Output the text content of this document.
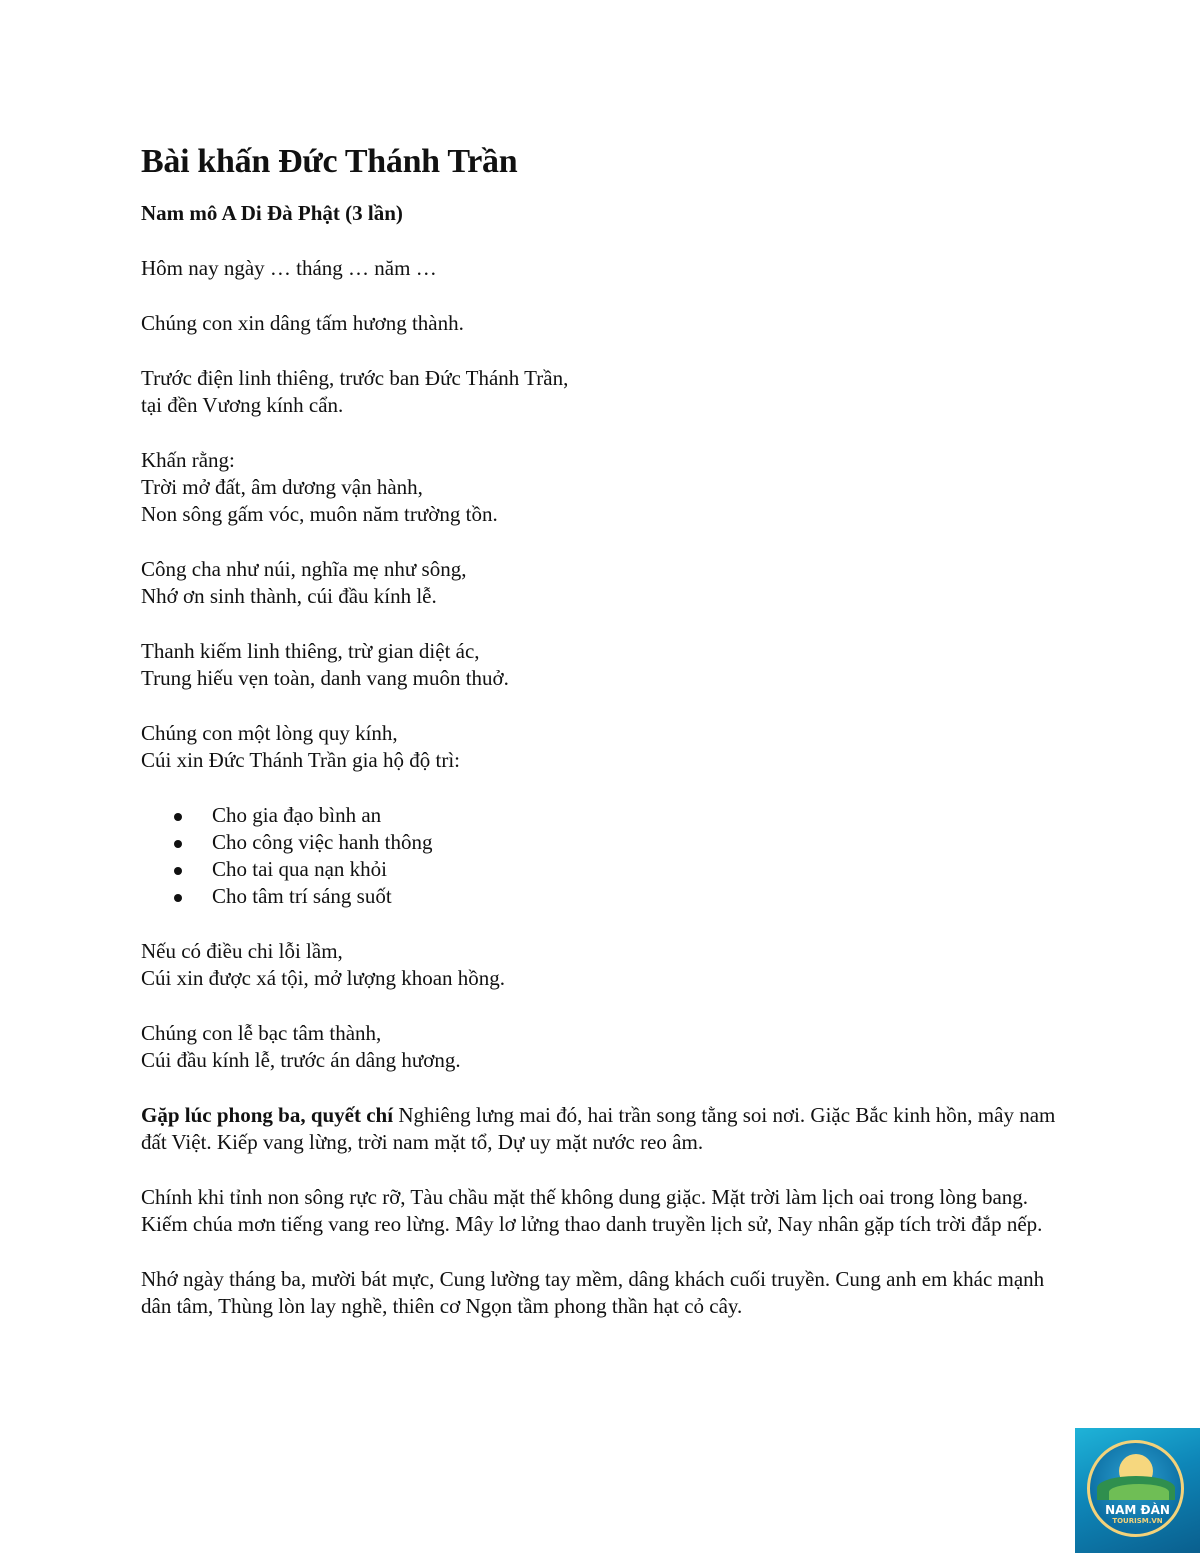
Bài khấn Đức Thánh Trần
Nam mô A Di Đà Phật (3 lần)

Hôm nay ngày … tháng … năm …

Chúng con xin dâng tấm hương thành.

Trước điện linh thiêng, trước ban Đức Thánh Trần,
tại đền Vương kính cẩn.

Khấn rằng:
Trời mở đất, âm dương vận hành,
Non sông gấm vóc, muôn năm trường tồn.

Công cha như núi, nghĩa mẹ như sông,
Nhớ ơn sinh thành, cúi đầu kính lễ.

Thanh kiếm linh thiêng, trừ gian diệt ác,
Trung hiếu vẹn toàn, danh vang muôn thuở.

Chúng con một lòng quy kính,
Cúi xin Đức Thánh Trần gia hộ độ trì:

Cho gia đạo bình an
Cho công việc hanh thông
Cho tai qua nạn khỏi
Cho tâm trí sáng suốt

Nếu có điều chi lỗi lầm,
Cúi xin được xá tội, mở lượng khoan hồng.

Chúng con lễ bạc tâm thành,
Cúi đầu kính lễ, trước án dâng hương.

Gặp lúc phong ba, quyết chí Nghiêng lưng mai đó, hai trần song tằng soi nơi. Giặc Bắc kinh hồn, mây nam đất Việt. Kiếp vang lừng, trời nam mặt tổ, Dự uy mặt nước reo âm.

Chính khi tỉnh non sông rực rỡ, Tàu chầu mặt thế không dung giặc. Mặt trời làm lịch oai trong lòng bang. Kiếm chúa mơn tiếng vang reo lừng. Mây lơ lửng thao danh truyền lịch sử, Nay nhân gặp tích trời đắp nếp.

Nhớ ngày tháng ba, mười bát mực, Cung lường tay mềm, dâng khách cuối truyền. Cung anh em khác mạnh dân tâm, Thùng lòn lay nghề, thiên cơ Ngọn tầm phong thần hạt cỏ cây.

NAM ĐÀN
TOURISM.VN
